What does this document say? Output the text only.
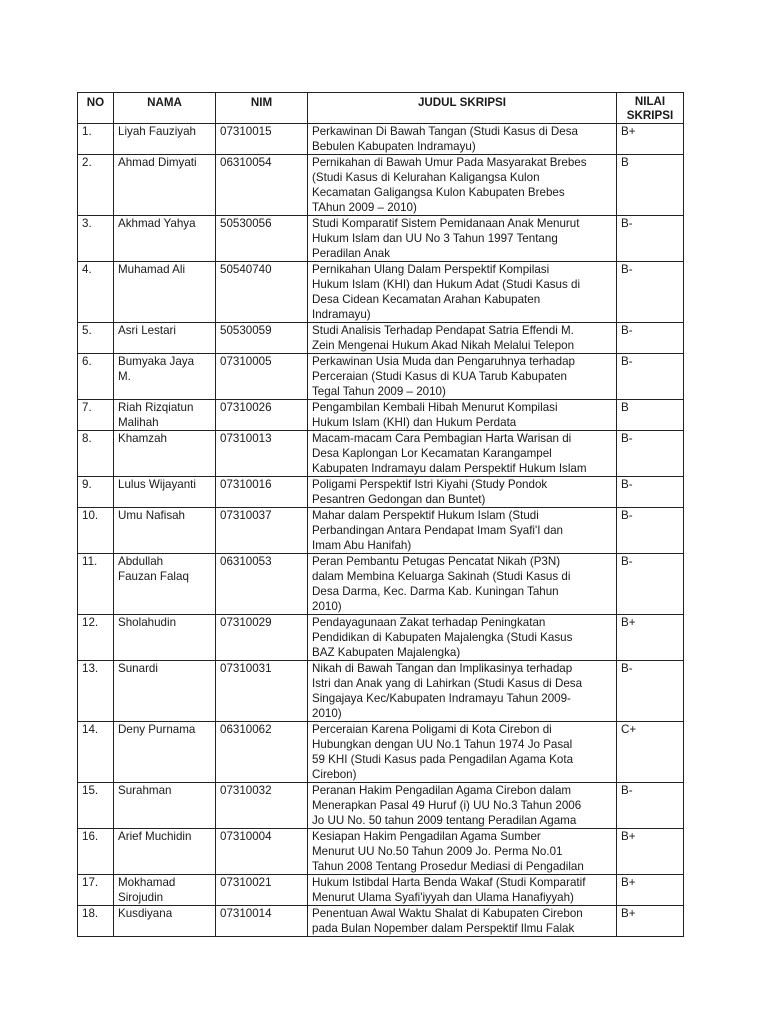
NO	NAMA	NIM	JUDUL SKRIPSI	NILAI SKRIPSI
1.	Liyah Fauziyah	07310015	Perkawinan Di Bawah Tangan (Studi Kasus di Desa
Bebulen Kabupaten Indramayu)	B+
2.	Ahmad Dimyati	06310054	Pernikahan di Bawah Umur Pada Masyarakat Brebes
(Studi Kasus di Kelurahan Kaligangsa Kulon
Kecamatan Galigangsa Kulon Kabupaten Brebes
TAhun 2009 – 2010)	B
3.	Akhmad Yahya	50530056	Studi Komparatif Sistem Pemidanaan Anak Menurut
Hukum Islam dan UU No 3 Tahun 1997 Tentang
Peradilan Anak	B-
4.	Muhamad Ali	50540740	Pernikahan Ulang Dalam Perspektif Kompilasi
Hukum Islam (KHI) dan Hukum Adat (Studi Kasus di
Desa Cidean Kecamatan Arahan Kabupaten
Indramayu)	B-
5.	Asri Lestari	50530059	Studi Analisis Terhadap Pendapat Satria Effendi M.
Zein Mengenai Hukum Akad Nikah Melalui Telepon	B-
6.	Bumyaka Jaya
M.	07310005	Perkawinan Usia Muda dan Pengaruhnya terhadap
Perceraian (Studi Kasus di KUA Tarub Kabupaten
Tegal Tahun 2009 – 2010)	B-
7.	Riah Rizqiatun
Malihah	07310026	Pengambilan Kembali Hibah Menurut Kompilasi
Hukum Islam (KHI) dan Hukum Perdata	B
8.	Khamzah	07310013	Macam-macam Cara Pembagian Harta Warisan di
Desa Kaplongan Lor Kecamatan Karangampel
Kabupaten Indramayu dalam Perspektif Hukum Islam	B-
9.	Lulus Wijayanti	07310016	Poligami Perspektif Istri Kiyahi (Study Pondok
Pesantren Gedongan dan Buntet)	B-
10.	Umu Nafisah	07310037	Mahar dalam Perspektif Hukum Islam (Studi
Perbandingan Antara Pendapat Imam Syafi'I dan
Imam Abu Hanifah)	B-
11.	Abdullah
Fauzan Falaq	06310053	Peran Pembantu Petugas Pencatat Nikah (P3N)
dalam Membina Keluarga Sakinah (Studi Kasus di
Desa Darma, Kec. Darma Kab. Kuningan Tahun
2010)	B-
12.	Sholahudin	07310029	Pendayagunaan Zakat terhadap Peningkatan
Pendidikan di Kabupaten Majalengka (Studi Kasus
BAZ Kabupaten Majalengka)	B+
13.	Sunardi	07310031	Nikah di Bawah Tangan dan Implikasinya terhadap
Istri dan Anak yang di Lahirkan (Studi Kasus di Desa
Singajaya Kec/Kabupaten Indramayu Tahun 2009-
2010)	B-
14.	Deny Purnama	06310062	Perceraian Karena Poligami di Kota Cirebon di
Hubungkan dengan UU No.1 Tahun 1974 Jo Pasal
59 KHI (Studi Kasus pada Pengadilan Agama Kota
Cirebon)	C+
15.	Surahman	07310032	Peranan Hakim Pengadilan Agama Cirebon dalam
Menerapkan Pasal 49 Huruf (i) UU No.3 Tahun 2006
Jo UU No. 50 tahun 2009 tentang Peradilan Agama	B-
16.	Arief Muchidin	07310004	Kesiapan Hakim Pengadilan Agama Sumber
Menurut UU No.50 Tahun 2009 Jo. Perma No.01
Tahun 2008 Tentang Prosedur Mediasi di Pengadilan	B+
17.	Mokhamad
Sirojudin	07310021	Hukum Istibdal Harta Benda Wakaf (Studi Komparatif
Menurut Ulama Syafi'iyyah dan Ulama Hanafiyyah)	B+
18.	Kusdiyana	07310014	Penentuan Awal Waktu Shalat di Kabupaten Cirebon
pada Bulan Nopember dalam Perspektif Ilmu Falak	B+
